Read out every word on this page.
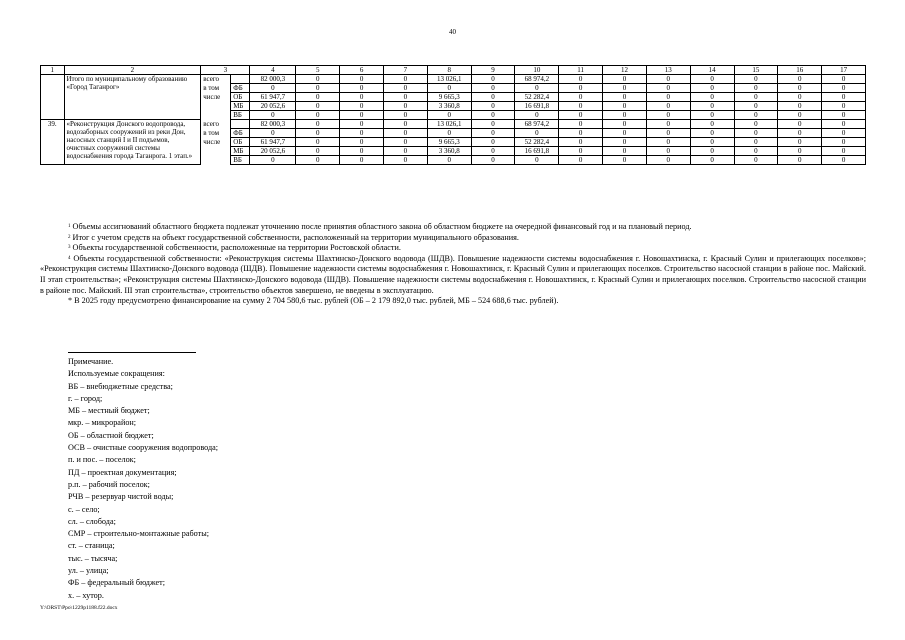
40
1	2	3		4	5	6	7	8	9	10	11	12	13	14	15	16	17
	Итого по муниципальному образованию «Город Таганрог»	всего		82 000,3	0	0	0	13 026,1	0	68 974,2	0	0	0	0	0	0	0
		в том	ФБ	0	0	0	0	0	0	0	0	0	0	0	0	0	0
		числе	ОБ	61 947,7	0	0	0	9 665,3	0	52 282,4	0	0	0	0	0	0	0
			МБ	20 052,6	0	0	0	3 360,8	0	16 691,8	0	0	0	0	0	0	0
			ВБ	0	0	0	0	0	0	0	0	0	0	0	0	0	0
39.	«Реконструкция Донского водопровода, водозаборных сооружений из реки Дон, насосных станций I и II подъемов, очистных сооружений системы водоснабжения города Таганрога. 1 этап.»	всего		82 000,3	0	0	0	13 026,1	0	68 974,2	0	0	0	0	0	0	0
		в том	ФБ	0	0	0	0	0	0	0	0	0	0	0	0	0	0
		числе	ОБ	61 947,7	0	0	0	9 665,3	0	52 282,4	0	0	0	0	0	0	0
			МБ	20 052,6	0	0	0	3 360,8	0	16 691,8	0	0	0	0	0	0	0
			ВБ	0	0	0	0	0	0	0	0	0	0	0	0	0	0

$^1$ Объемы ассигнований областного бюджета подлежат уточнению после принятия областного закона об областном бюджете на очередной финансовый год и на плановый период.

$^2$ Итог с учетом средств на объект государственной собственности, расположенный на территории муниципального образования.

$^3$ Объекты государственной собственности, расположенные на территории Ростовской области.

$^4$ Объекты государственной собственности: «Реконструкция системы Шахтинско-Донского водовода (ШДВ). Повышение надежности системы водоснабжения г. Новошахтинска, г. Красный Сулин и прилегающих поселков»; «Реконструкция системы Шахтинско-Донского водовода (ШДВ). Повышение надежности системы водоснабжения г. Новошахтинск, г. Красный Сулин и прилегающих поселков. Строительство насосной станции в районе пос. Майский. II этап строительства»; «Реконструкция системы Шахтинско-Донского водовода (ШДВ). Повышение надежности системы водоснабжения г. Новошахтинск, г. Красный Сулин и прилегающих поселков. Строительство насосной станции в районе пос. Майский. III этап строительства», строительство объектов завершено, не введены в эксплуатацию.

* В 2025 году предусмотрено финансирование на сумму 2 704 580,6 тыс. рублей (ОБ – 2 179 892,0 тыс. рублей, МБ – 524 688,6 тыс. рублей).

Примечание.
Используемые сокращения:
ВБ – внебюджетные средства;
г. – город;
МБ – местный бюджет;
мкр. – микрорайон;
ОБ – областной бюджет;
ОСВ – очистные сооружения водопровода;
п. и пос. – поселок;
ПД – проектная документация;
р.п. – рабочий поселок;
РЧВ – резервуар чистой воды;
с. – село;
сл. – слобода;
СМР – строительно-монтажные работы;
ст. – станица;
тыс. – тысяча;
ул. – улица;
ФБ – федеральный бюджет;
х. – хутор.
Y:\ORST\Ppo\1229p1188.f22.docx
